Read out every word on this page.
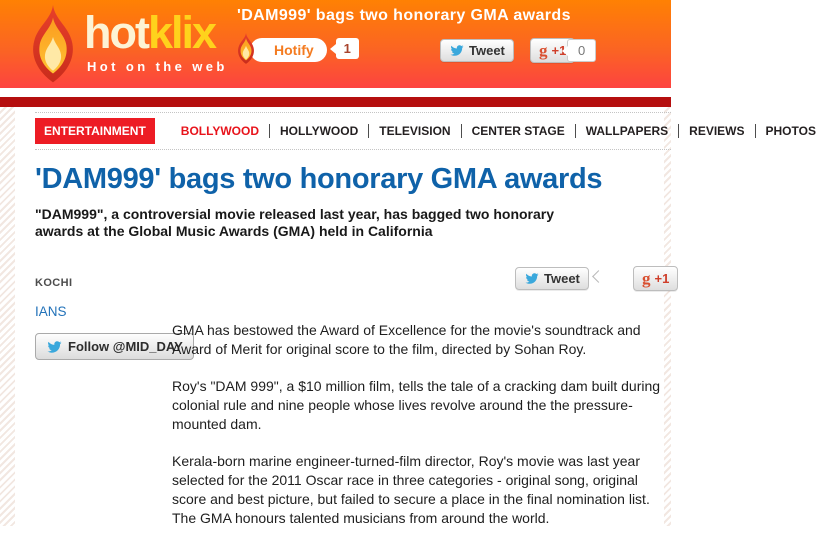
hotklix
Hot on the web
'DAM999' bags two honorary GMA awards
Hotify 1	Tweet g +1 0
ENTERTAINMENT	BOLLYWOOD	HOLLYWOOD	TELEVISION	CENTER STAGE	WALLPAPERS	REVIEWS	PHOTOS
'DAM999' bags two honorary GMA awards
"DAM999", a controversial movie released last year, has bagged two honorary awards at the Global Music Awards (GMA) held in California
KOCHI
IANS
Follow @MID_DAY
Tweet	g +1

GMA has bestowed the Award of Excellence for the movie's soundtrack and Award of Merit for original score to the film, directed by Sohan Roy.

Roy's "DAM 999", a $10 million film, tells the tale of a cracking dam built during colonial rule and nine people whose lives revolve around the the pressure-mounted dam.

Kerala-born marine engineer-turned-film director, Roy's movie was last year selected for the 2011 Oscar race in three categories - original song, original score and best picture, but failed to secure a place in the final nomination list. The GMA honours talented musicians from around the world.
